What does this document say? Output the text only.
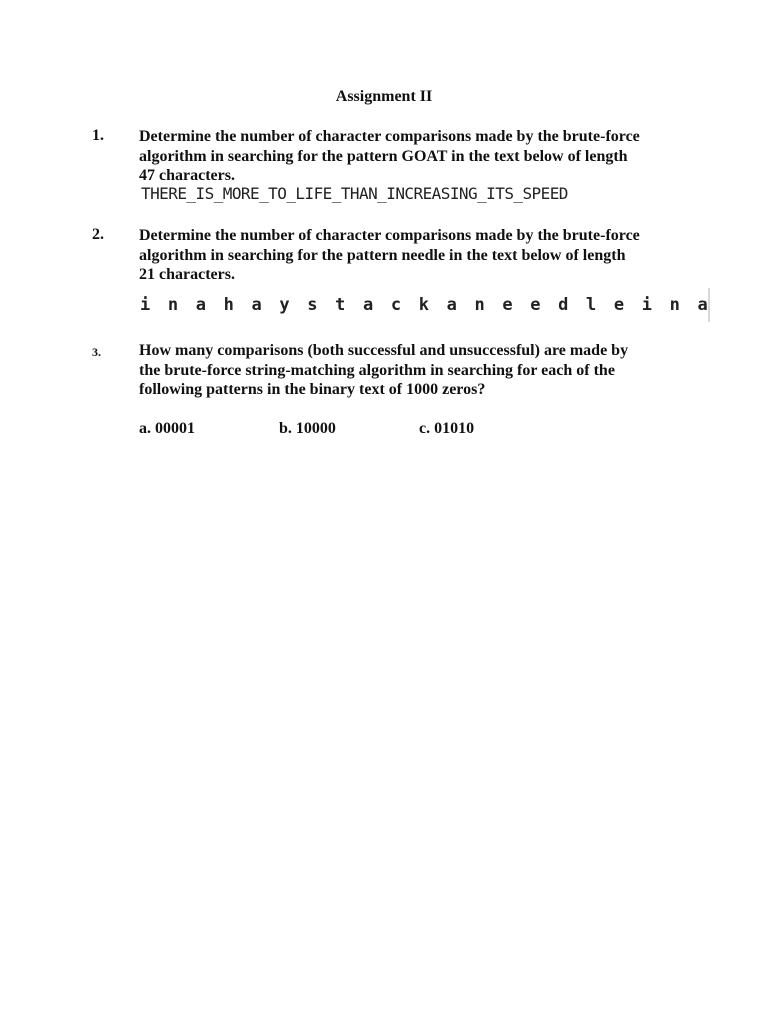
Assignment II
1. Determine the number of character comparisons made by the brute-force
algorithm in searching for the pattern GOAT in the text below of length
47 characters.
THERE_IS_MORE_TO_LIFE_THAN_INCREASING_ITS_SPEED
2. Determine the number of character comparisons made by the brute-force
algorithm in searching for the pattern needle in the text below of length
21 characters.
i n a h a y s t a c k a n e e d l e i n a
3. How many comparisons (both successful and unsuccessful) are made by
the brute-force string-matching algorithm in searching for each of the
following patterns in the binary text of 1000 zeros?
a. 00001	b. 10000	c. 01010
